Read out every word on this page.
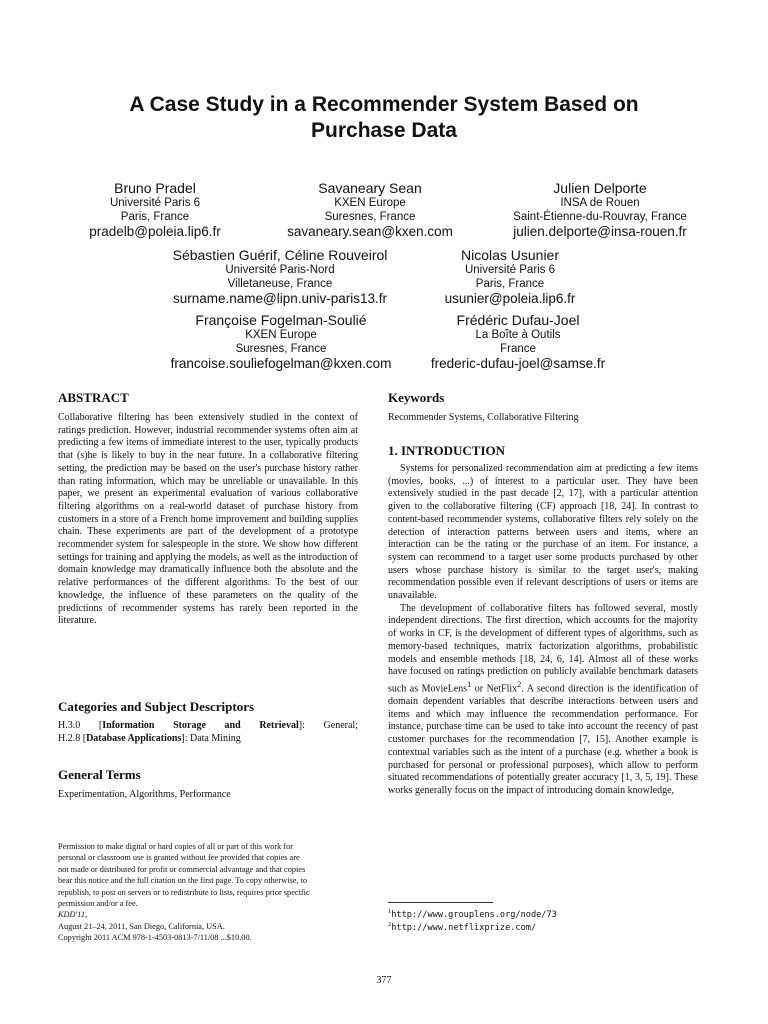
A Case Study in a Recommender System Based on
Purchase Data
Bruno Pradel
Université Paris 6
Paris, France
pradelb@poleia.lip6.fr
Savaneary Sean
KXEN Europe
Suresnes, France
savaneary.sean@kxen.com
Julien Delporte
INSA de Rouen
Saint-Étienne-du-Rouvray, France
julien.delporte@insa-rouen.fr
Sébastien Guérif, Céline Rouveirol
Université Paris-Nord
Villetaneuse, France
surname.name@lipn.univ-paris13.fr
Nicolas Usunier
Université Paris 6
Paris, France
usunier@poleia.lip6.fr
Françoise Fogelman-Soulié
KXEN Europe
Suresnes, France
francoise.souliefogelman@kxen.com
Frédéric Dufau-Joel
La Boîte à Outils
France
frederic-dufau-joel@samse.fr
ABSTRACT

Collaborative filtering has been extensively studied in the context of ratings prediction. However, industrial recommender systems often aim at predicting a few items of immediate interest to the user, typically products that (s)he is likely to buy in the near future. In a collaborative filtering setting, the prediction may be based on the user's purchase history rather than rating information, which may be unreliable or unavailable. In this paper, we present an experimental evaluation of various collaborative filtering algorithms on a real-world dataset of purchase history from customers in a store of a French home improvement and building supplies chain. These experiments are part of the development of a prototype recommender system for salespeople in the store. We show how different settings for training and applying the models, as well as the introduction of domain knowledge may dramatically influence both the absolute and the relative performances of the different algorithms. To the best of our knowledge, the influence of these parameters on the quality of the predictions of recommender systems has rarely been reported in the literature.

Categories and Subject Descriptors
H.3.0 [Information Storage and Retrieval]: General;
H.2.8 [Database Applications]: Data Mining
General Terms

Experimentation, Algorithms, Performance

Permission to make digital or hard copies of all or part of this work for
personal or classroom use is granted without fee provided that copies are
not made or distributed for profit or commercial advantage and that copies
bear this notice and the full citation on the first page. To copy otherwise, to
republish, to post on servers or to redistribute to lists, requires prior specific
permission and/or a fee.
KDD'11,
August 21–24, 2011, San Diego, California, USA.
Copyright 2011 ACM 978-1-4503-0813-7/11/08 ...$10.00.
Keywords

Recommender Systems, Collaborative Filtering

1. INTRODUCTION

Systems for personalized recommendation aim at predicting a few items (movies, books, ...) of interest to a particular user. They have been extensively studied in the past decade [2, 17], with a particular attention given to the collaborative filtering (CF) approach [18, 24]. In contrast to content-based recommender systems, collaborative filters rely solely on the detection of interaction patterns between users and items, where an interaction can be the rating or the purchase of an item. For instance, a system can recommend to a target user some products purchased by other users whose purchase history is similar to the target user's, making recommendation possible even if relevant descriptions of users or items are unavailable.

The development of collaborative filters has followed several, mostly independent directions. The first direction, which accounts for the majority of works in CF, is the development of different types of algorithms, such as memory-based techniques, matrix factorization algorithms, probabilistic models and ensemble methods [18, 24, 6, 14]. Almost all of these works have focused on ratings prediction on publicly available benchmark datasets such as MovieLens$^1$ or NetFlix$^2$. A second direction is the identification of domain dependent variables that describe interactions between users and items and which may influence the recommendation performance. For instance, purchase time can be used to take into account the recency of past customer purchases for the recommendation [7, 15]. Another example is contextual variables such as the intent of a purchase (e.g. whether a book is purchased for personal or professional purposes), which allow to perform situated recommendations of potentially greater accuracy [1, 3, 5, 19]. These works generally focus on the impact of introducing domain knowledge,

$^1$http://www.grouplens.org/node/73

$^2$http://www.netflixprize.com/

377
